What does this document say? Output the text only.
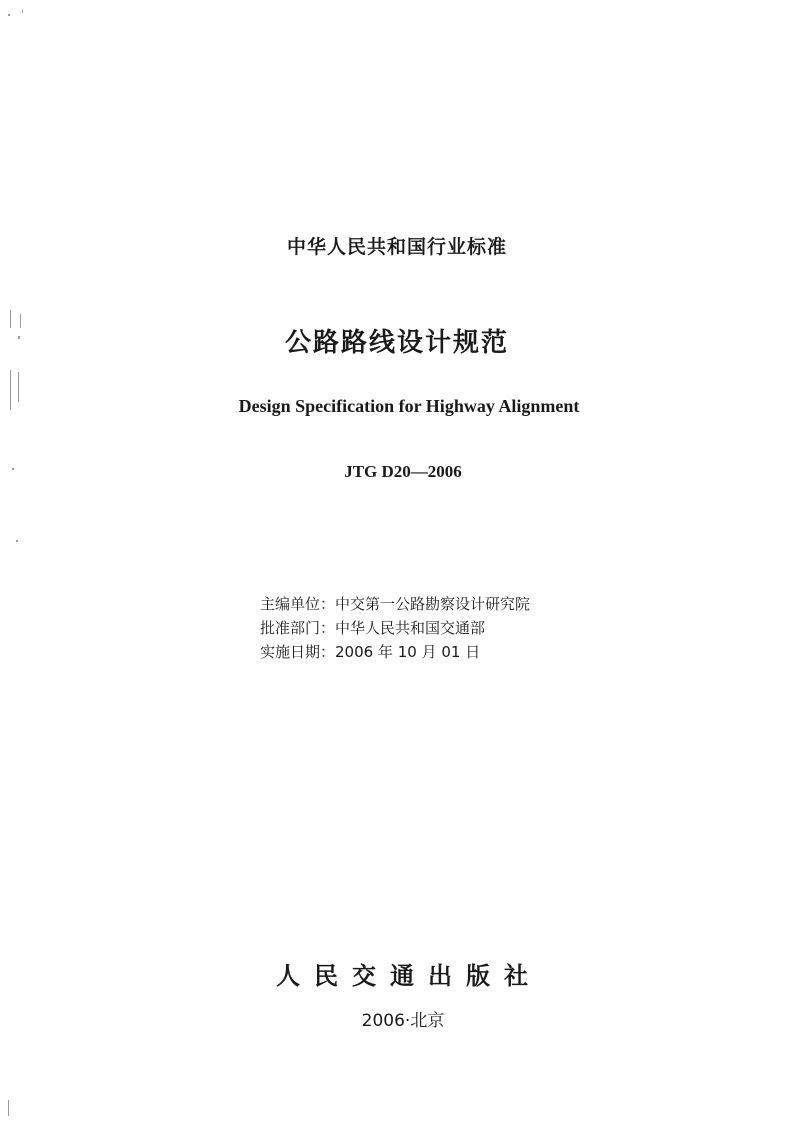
中华人民共和国行业标准
公路路线设计规范
Design Specification for Highway Alignment
JTG D20—2006
主编单位：中交第一公路勘察设计研究院
批准部门：中华人民共和国交通部
实施日期：2006 年 10 月 01 日
人民交通出版社
2006·北京
